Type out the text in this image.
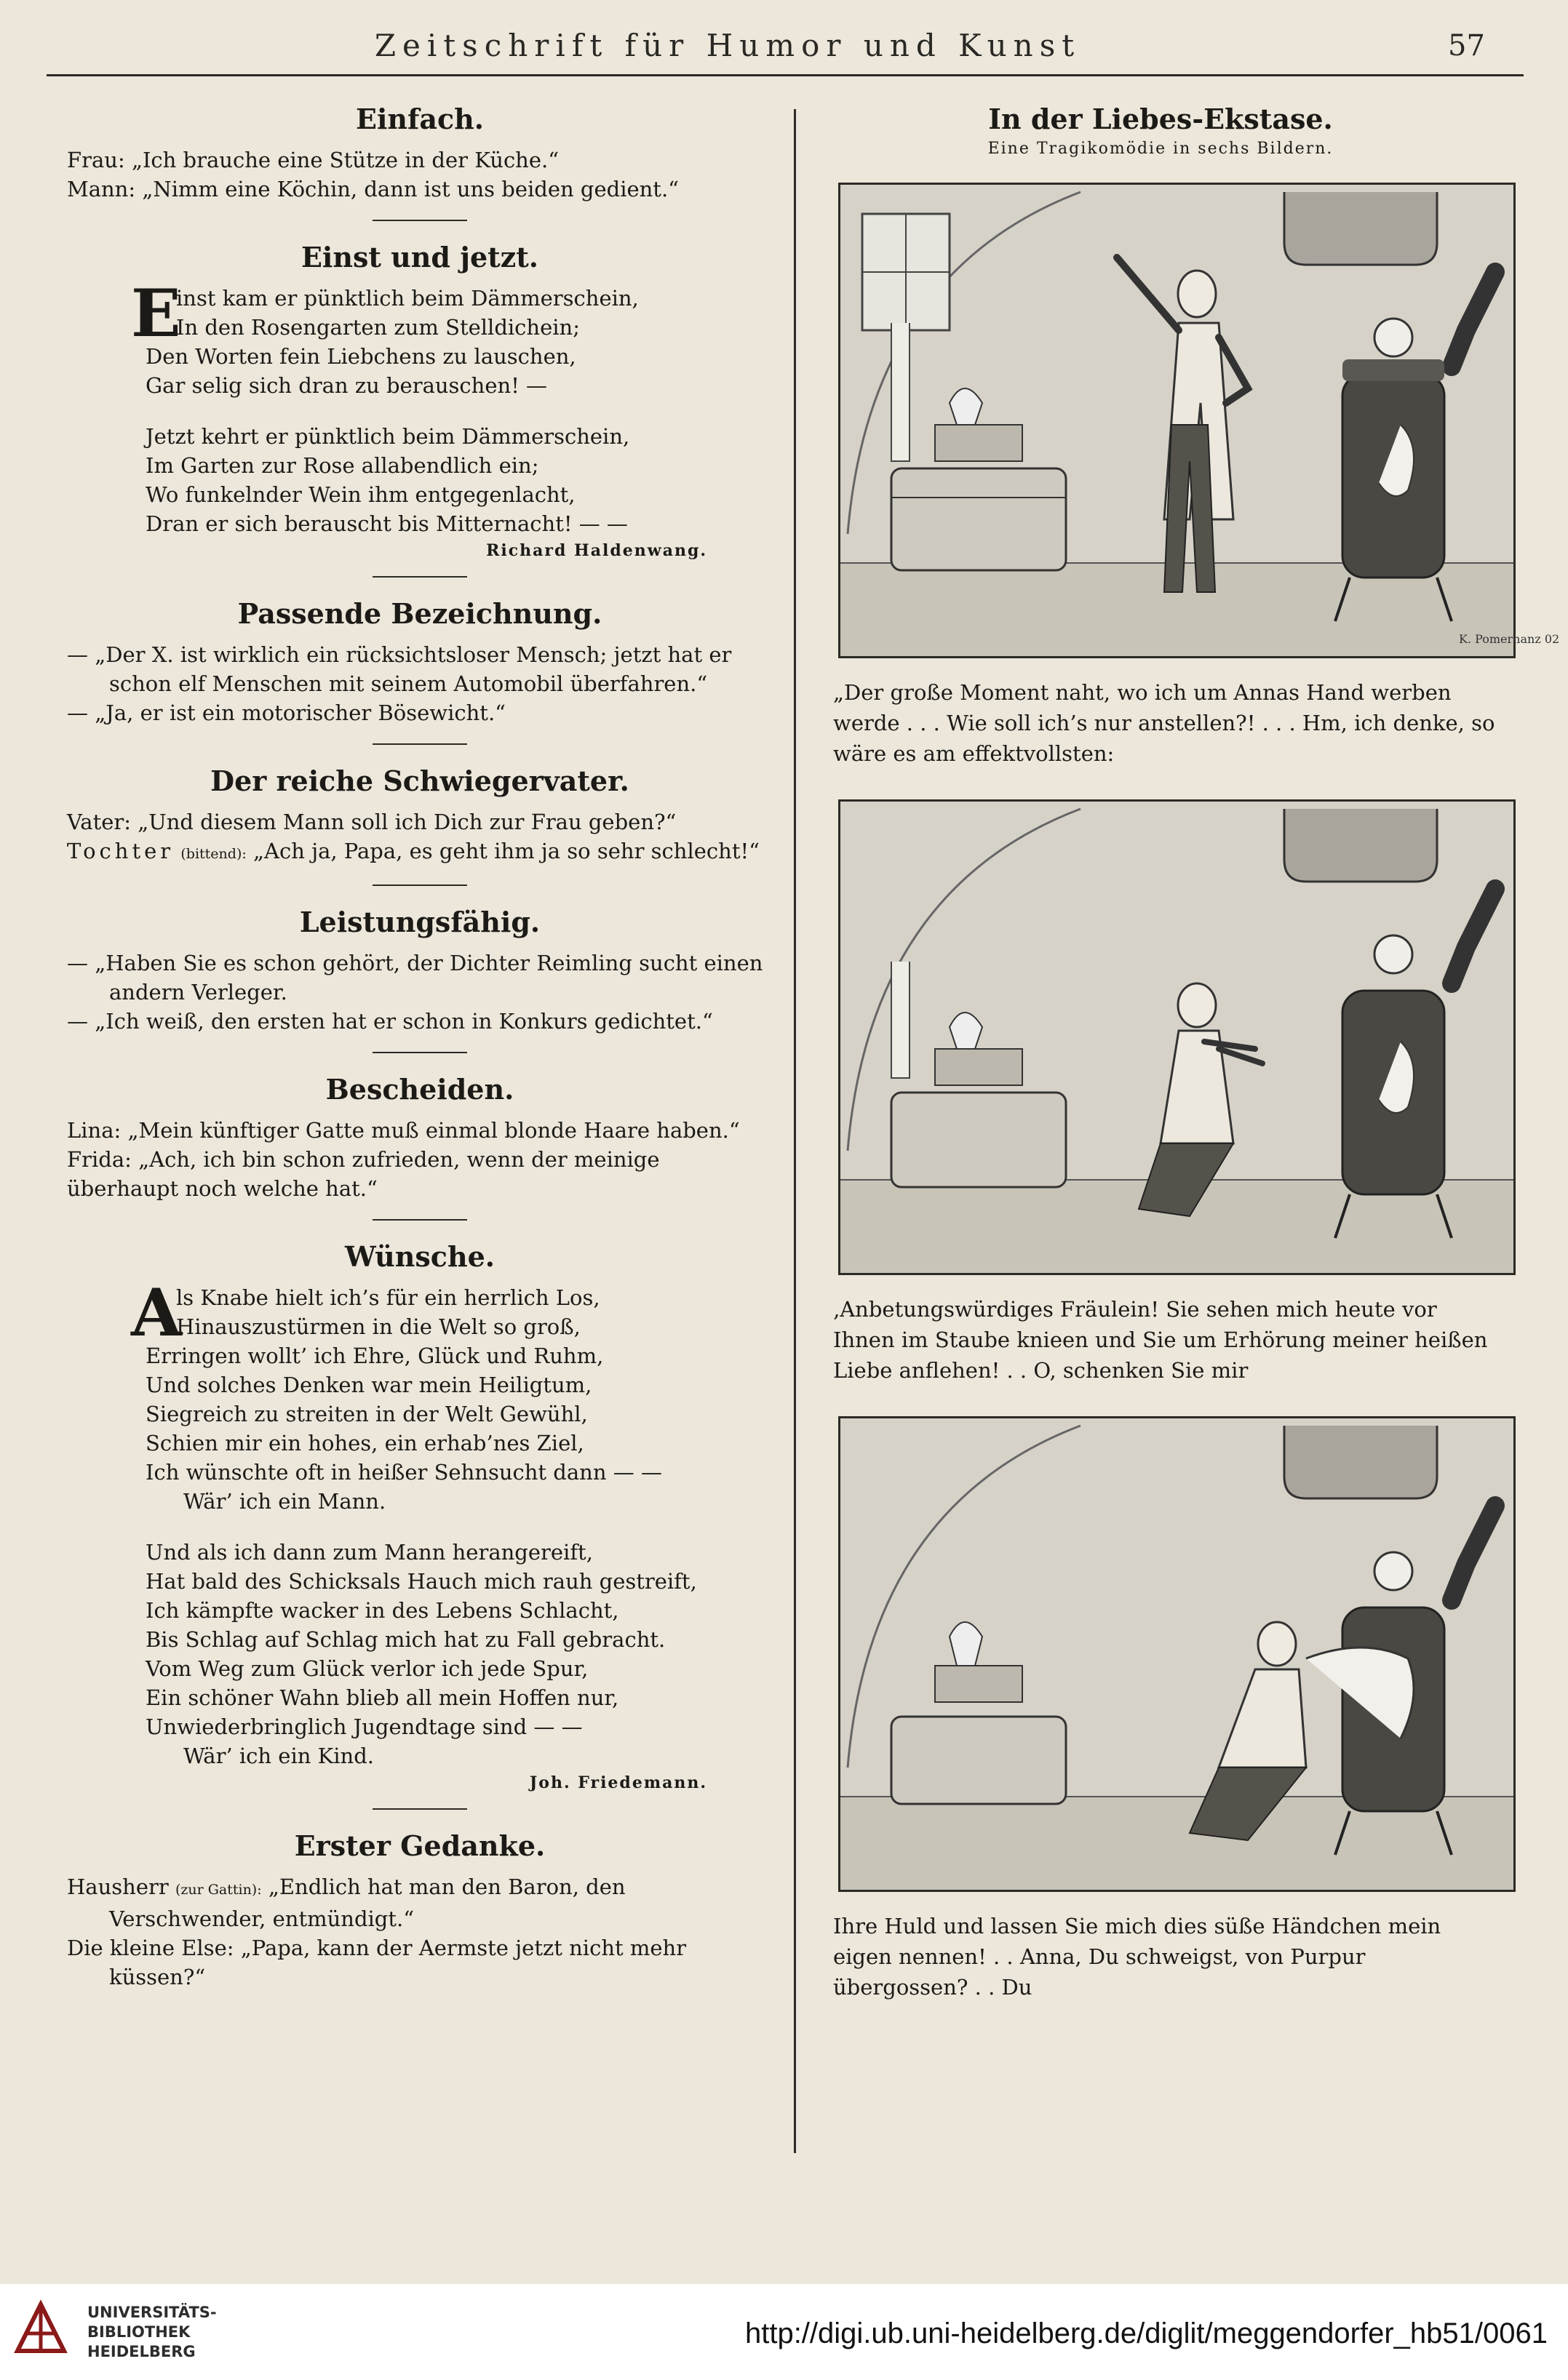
Zeitschrift für Humor und Kunst	57
Einfach.

Frau: „Ich brauche eine Stütze in der Küche.“

Mann: „Nimm eine Köchin, dann ist uns beiden gedient.“

Einst und jetzt.
E

inst kam er pünktlich beim Dämmerschein,

In den Rosengarten zum Stelldichein;

Den Worten fein Liebchens zu lauschen,

Gar selig sich dran zu berauschen! —

Jetzt kehrt er pünktlich beim Dämmerschein,

Im Garten zur Rose allabendlich ein;

Wo funkelnder Wein ihm entgegenlacht,

Dran er sich berauscht bis Mitternacht! — —

Richard Haldenwang.
Passende Bezeichnung.

— „Der X. ist wirklich ein rücksichtsloser Mensch; jetzt hat er schon elf Menschen mit seinem Automobil überfahren.“

— „Ja, er ist ein motorischer Bösewicht.“

Der reiche Schwiegervater.

Vater: „Und diesem Mann soll ich Dich zur Frau geben?“

Tochter (bittend): „Ach ja, Papa, es geht ihm ja so sehr schlecht!“

Leistungsfähig.

— „Haben Sie es schon gehört, der Dichter Reimling sucht einen andern Verleger.

— „Ich weiß, den ersten hat er schon in Konkurs gedichtet.“

Bescheiden.

Lina: „Mein künftiger Gatte muß einmal blonde Haare haben.“

Frida: „Ach, ich bin schon zufrieden, wenn der meinige überhaupt noch welche hat.“

Wünsche.
A

ls Knabe hielt ich’s für ein herrlich Los,

Hinauszustürmen in die Welt so groß,

Erringen wollt’ ich Ehre, Glück und Ruhm,

Und solches Denken war mein Heiligtum,

Siegreich zu streiten in der Welt Gewühl,

Schien mir ein hohes, ein erhab’nes Ziel,

Ich wünschte oft in heißer Sehnsucht dann — —

Wär’ ich ein Mann.

Und als ich dann zum Mann herangereift,

Hat bald des Schicksals Hauch mich rauh gestreift,

Ich kämpfte wacker in des Lebens Schlacht,

Bis Schlag auf Schlag mich hat zu Fall gebracht.

Vom Weg zum Glück verlor ich jede Spur,

Ein schöner Wahn blieb all mein Hoffen nur,

Unwiederbringlich Jugendtage sind — —

Wär’ ich ein Kind.

Joh. Friedemann.
Erster Gedanke.

Hausherr (zur Gattin): „Endlich hat man den Baron, den Verschwender, entmündigt.“

Die kleine Else: „Papa, kann der Aermste jetzt nicht mehr küssen?“

In der Liebes-Ekstase.
Eine Tragikomödie in sechs Bildern.
K. Pomerhanz 02

„Der große Moment naht, wo ich um Annas Hand werben werde . . . Wie soll ich’s nur anstellen?! . . . Hm, ich denke, so wäre es am effektvollsten:

‚Anbetungswürdiges Fräulein! Sie sehen mich heute vor Ihnen im Staube knieen und Sie um Erhörung meiner heißen Liebe anflehen! . . O, schenken Sie mir

Ihre Huld und lassen Sie mich dies süße Händchen mein eigen nennen! . . Anna, Du schweigst, von Purpur übergossen? . . Du

UNIVERSITÄTS-
BIBLIOTHEK
HEIDELBERG
http://digi.ub.uni-heidelberg.de/diglit/meggendorfer_hb51/0061
